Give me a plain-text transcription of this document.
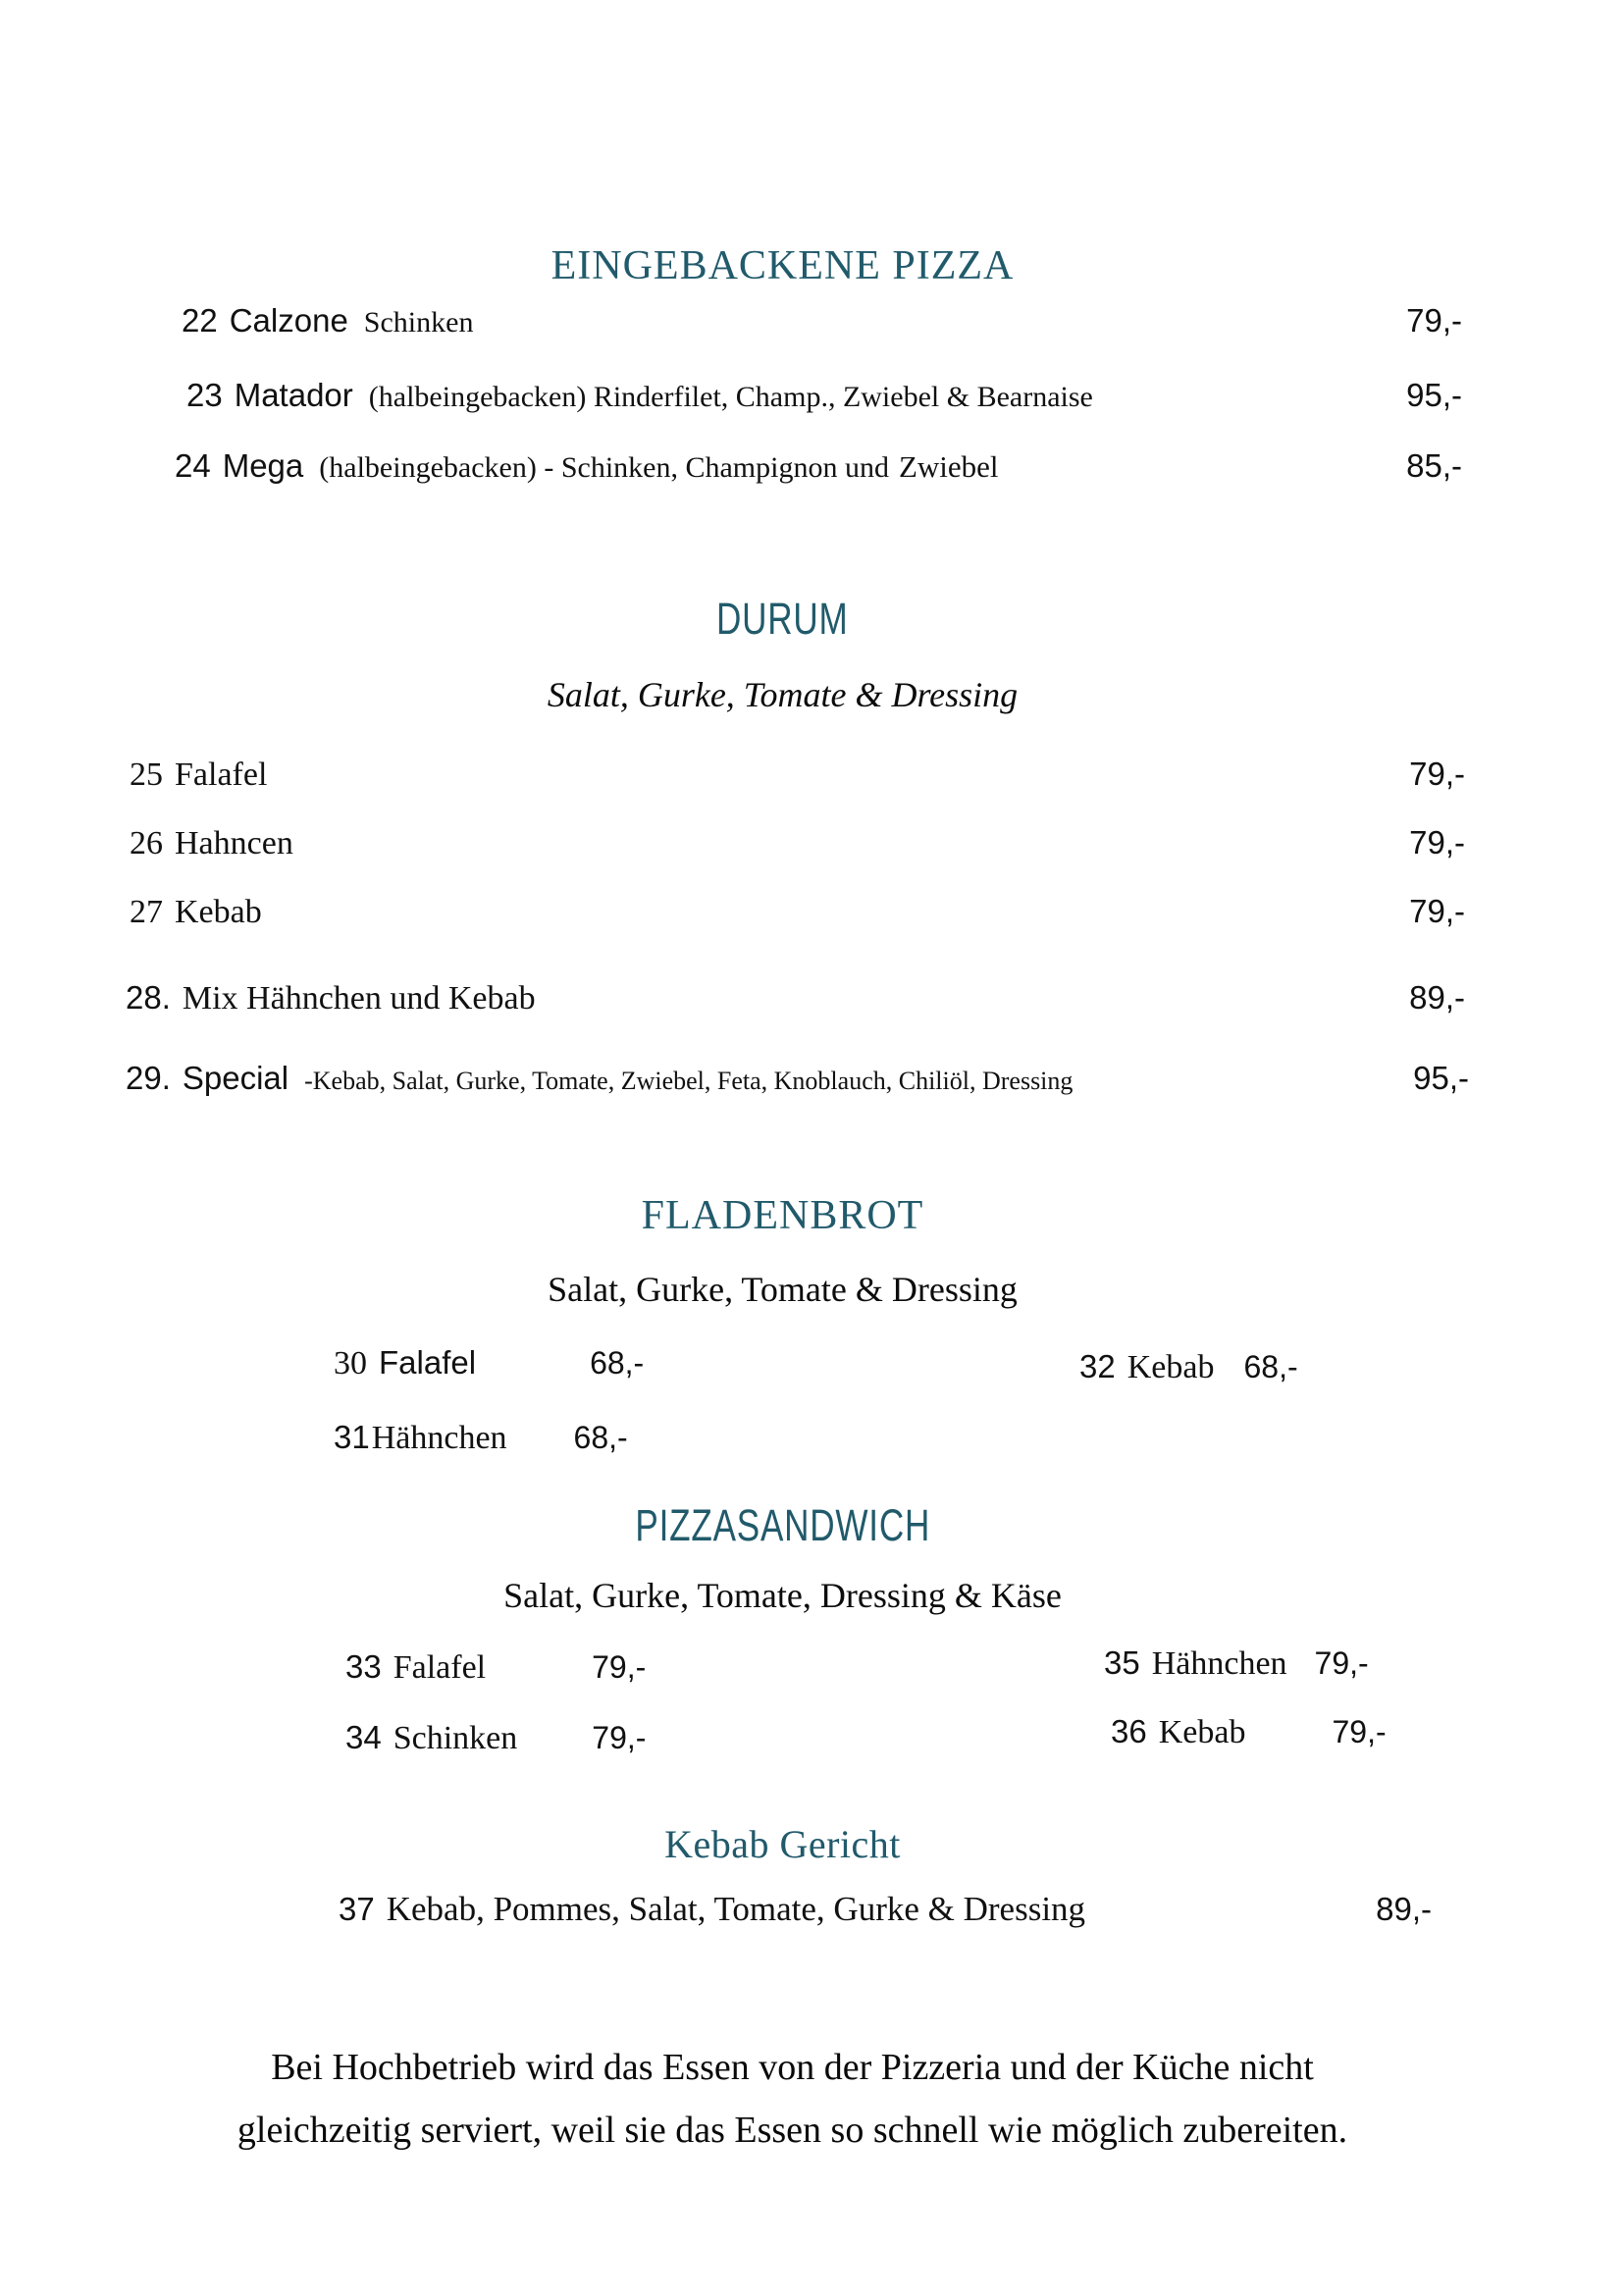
EINGEBACKENE PIZZA
22 Calzone Schinken	79,-
23 Matador (halbeingebacken) Rinderfilet, Champ., Zwiebel & Bearnaise	95,-
24 Mega (halbeingebacken) - Schinken, Champignon und Zwiebel	85,-
DURUM
Salat, Gurke, Tomate & Dressing
25 Falafel	79,-
26 Hahncen	79,-
27 Kebab	79,-
28. Mix Hähnchen und Kebab	89,-
29. Special -Kebab, Salat, Gurke, Tomate, Zwiebel, Feta, Knoblauch, Chiliöl, Dressing	95,-
FLADENBROT
Salat, Gurke, Tomate & Dressing
30 Falafel	68,-
31 Hähnchen 68,-
32 Kebab 68,-
PIZZASANDWICH
Salat, Gurke, Tomate, Dressing & Käse
33 Falafel	79,-
34 Schinken 79,-
35 Hähnchen 79,-
36 Kebab	79,-
Kebab Gericht
37 Kebab, Pommes, Salat, Tomate, Gurke & Dressing	89,-
Bei Hochbetrieb wird das Essen von der Pizzeria und der Küche nicht
gleichzeitig serviert, weil sie das Essen so schnell wie möglich zubereiten.
